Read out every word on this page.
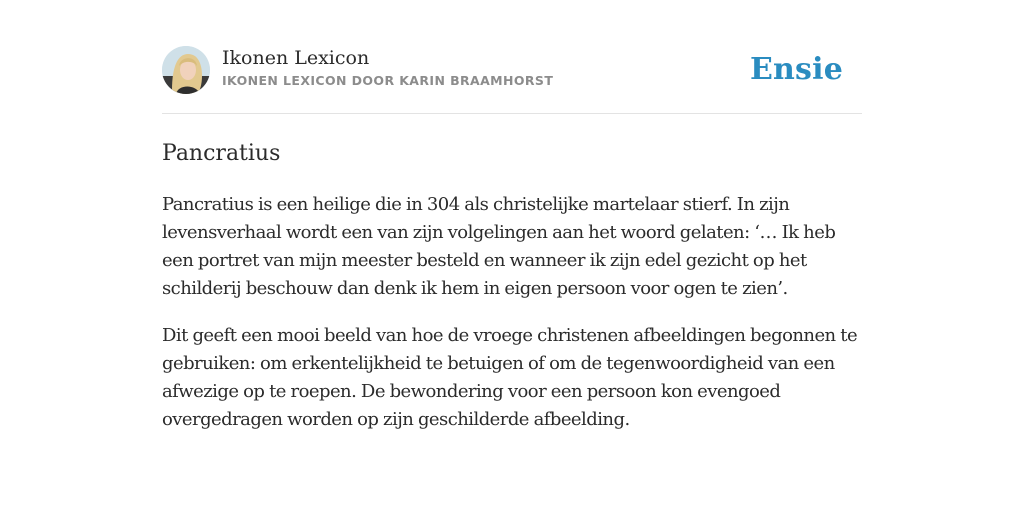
Ikonen Lexicon
IKONEN LEXICON DOOR KARIN BRAAMHORST	Ensie
Pancratius

Pancratius is een heilige die in 304 als christelijke martelaar stierf. In zijn levensverhaal wordt een van zijn volgelingen aan het woord gelaten: ‘… Ik heb een portret van mijn meester besteld en wanneer ik zijn edel gezicht op het schilderij beschouw dan denk ik hem in eigen persoon voor ogen te zien’.

Dit geeft een mooi beeld van hoe de vroege christenen afbeeldingen begonnen te gebruiken: om erkentelijkheid te betuigen of om de tegenwoordigheid van een afwezige op te roepen. De bewondering voor een persoon kon evengoed overgedragen worden op zijn geschilderde afbeelding.
